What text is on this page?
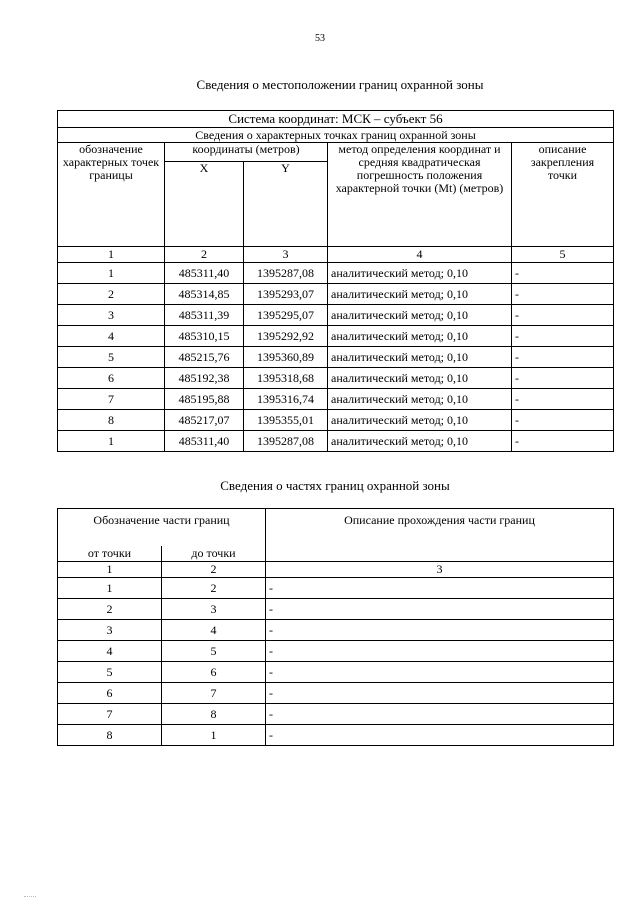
53
Сведения о местоположении границ охранной зоны
Система координат: МСК – субъект 56				
Сведения о характерных точках границ охранной зоны				
обозначение характерных точек границы	координаты (метров)		метод определения координат и средняя квадратическая погрешность положения характерной точки (Mt) (метров)	описание закрепления точки
	X	Y		
1	2	3	4	5
1	485311,40	1395287,08	аналитический метод; 0,10	-
2	485314,85	1395293,07	аналитический метод; 0,10	-
3	485311,39	1395295,07	аналитический метод; 0,10	-
4	485310,15	1395292,92	аналитический метод; 0,10	-
5	485215,76	1395360,89	аналитический метод; 0,10	-
6	485192,38	1395318,68	аналитический метод; 0,10	-
7	485195,88	1395316,74	аналитический метод; 0,10	-
8	485217,07	1395355,01	аналитический метод; 0,10	-
1	485311,40	1395287,08	аналитический метод; 0,10	-
Сведения о частях границ охранной зоны
Обозначение части границ		Описание прохождения части границ
от точки	до точки	
1	2	3
1	2	-
2	3	-
3	4	-
4	5	-
5	6	-
6	7	-
7	8	-
8	1	-
